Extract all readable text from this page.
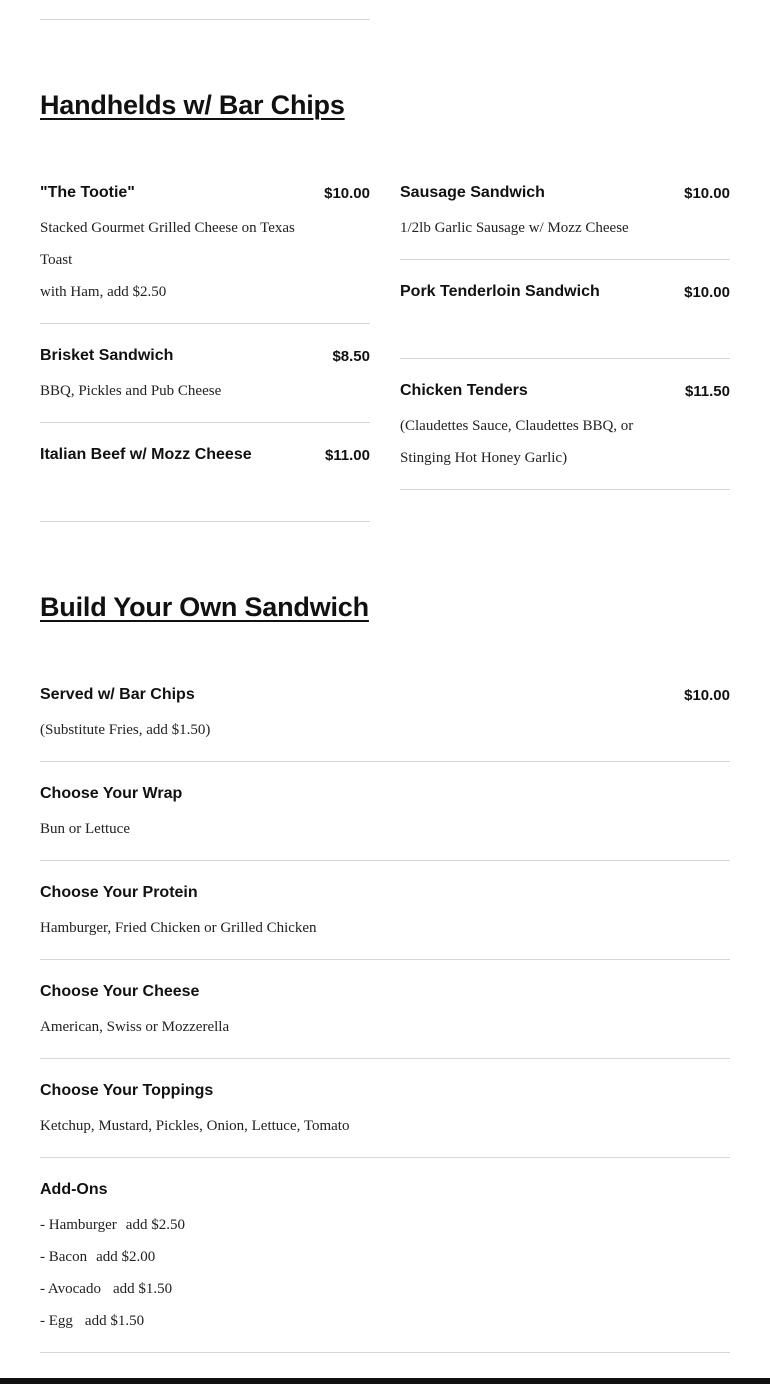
Handhelds w/ Bar Chips
"The Tootie"	$10.00
Stacked Gourmet Grilled Cheese on Texas
Toast
with Ham, add $2.50
Brisket Sandwich	$8.50
BBQ, Pickles and Pub Cheese
Italian Beef w/ Mozz Cheese	$11.00
Sausage Sandwich	$10.00
1/2lb Garlic Sausage w/ Mozz Cheese
Pork Tenderloin Sandwich	$10.00
Chicken Tenders	$11.50
(Claudettes Sauce, Claudettes BBQ, or
Stinging Hot Honey Garlic)
Build Your Own Sandwich
Served w/ Bar Chips	$10.00
(Substitute Fries, add $1.50)
Choose Your Wrap
Bun or Lettuce
Choose Your Protein
Hamburger, Fried Chicken or Grilled Chicken
Choose Your Cheese
American, Swiss or Mozzerella
Choose Your Toppings
Ketchup, Mustard, Pickles, Onion, Lettuce, Tomato
Add-Ons
- Hamburger add $2.50
- Bacon add $2.00
- Avocado add $1.50
- Egg add $1.50
